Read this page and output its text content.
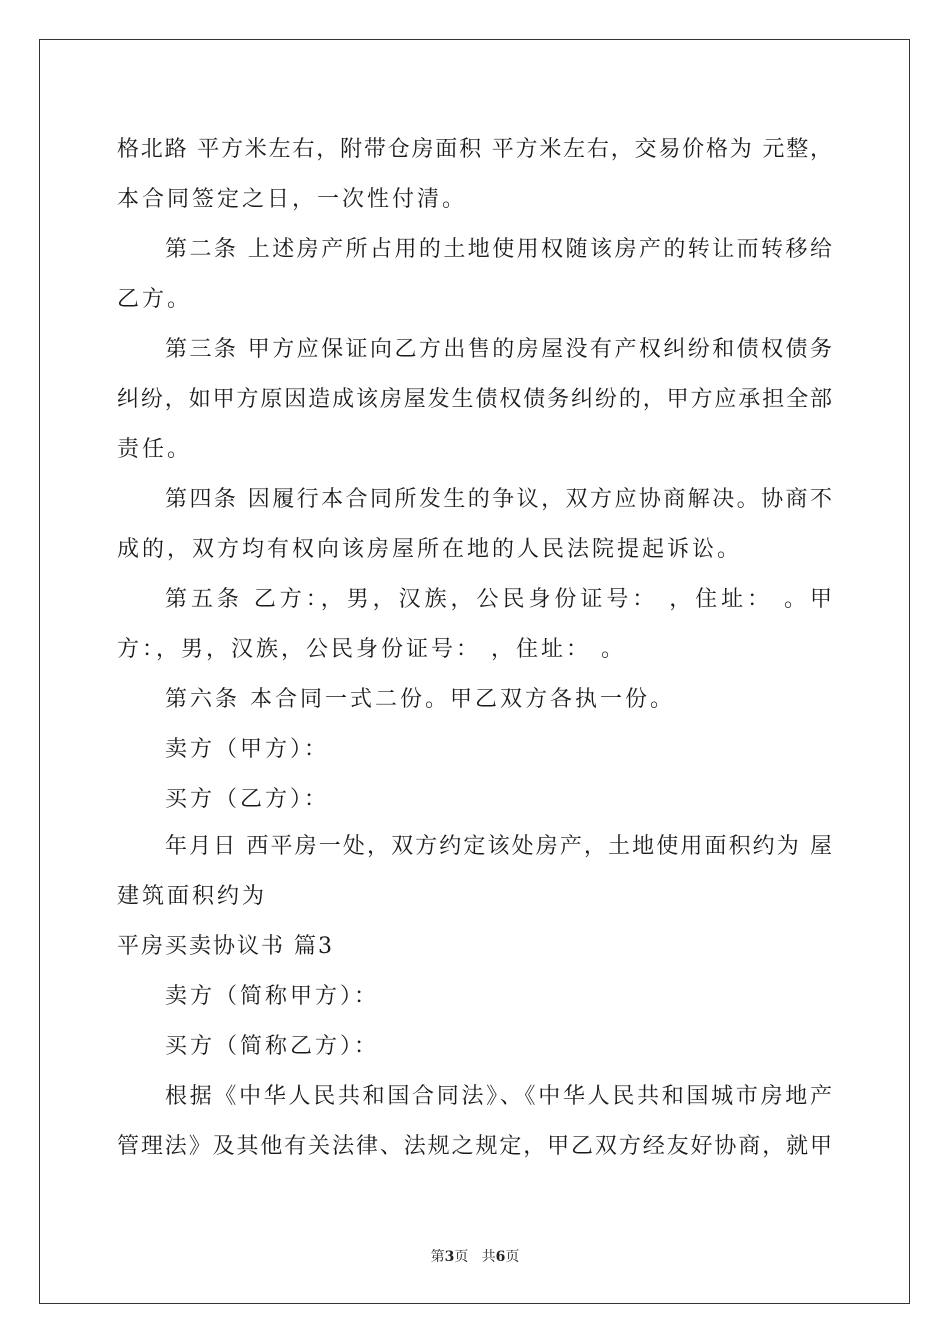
格北路 平方米左右，附带仓房面积 平方米左右，交易价格为 元整，
本合同签定之日，一次性付清。
第二条 上述房产所占用的土地使用权随该房产的转让而转移给
乙方。
第三条 甲方应保证向乙方出售的房屋没有产权纠纷和债权债务
纠纷，如甲方原因造成该房屋发生债权债务纠纷的，甲方应承担全部
责任。
第四条 因履行本合同所发生的争议，双方应协商解决。协商不
成的，双方均有权向该房屋所在地的人民法院提起诉讼。
第五条 乙方：，男，汉族，公民身份证号： ，住址： 。甲
方：，男，汉族，公民身份证号： ，住址： 。
第六条 本合同一式二份。甲乙双方各执一份。
卖方（甲方）：
买方（乙方）：
年月日 西平房一处，双方约定该处房产，土地使用面积约为 屋
建筑面积约为
平房买卖协议书 篇3
卖方（简称甲方）：
买方（简称乙方）：
根据《中华人民共和国合同法》、《中华人民共和国城市房地产
管理法》及其他有关法律、法规之规定，甲乙双方经友好协商，就甲
第3页 共6页
